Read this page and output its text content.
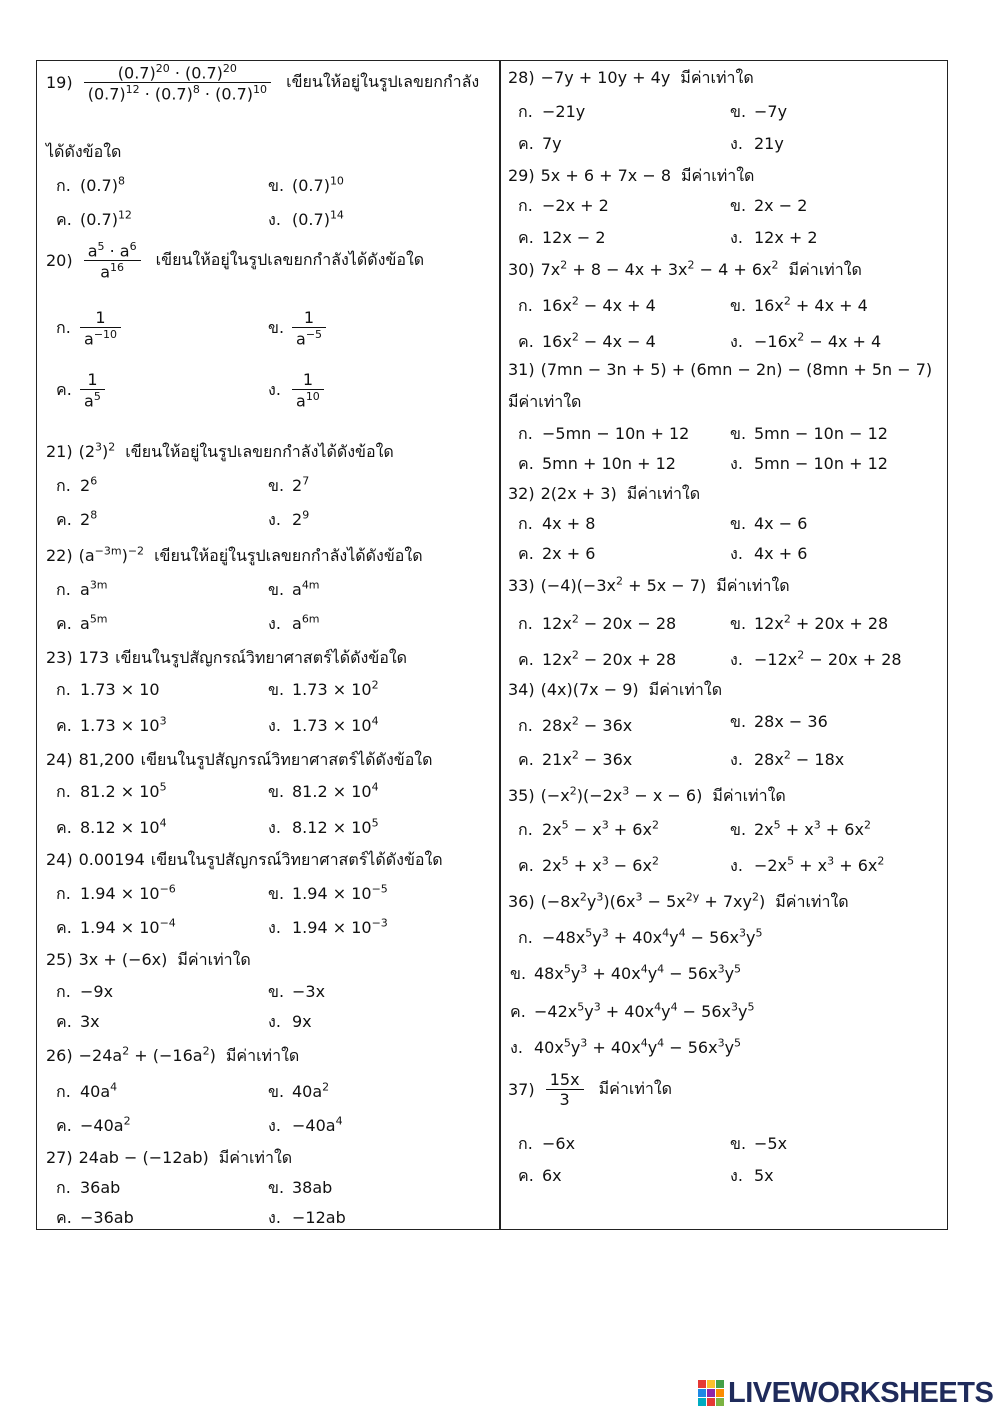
$19) \frac{(0.7)^{20} \cdot (0.7)^{20}}{(0.7)^{12} \cdot (0.7)^8 \cdot (0.7)^{10}}$ เขียนให้อยู่ในรูปเลขยกกำลัง
ได้ดังข้อใด
ก. $(0.7)^8$	ข. $(0.7)^{10}$
ค. $(0.7)^{12}$	ง. $(0.7)^{14}$
$20) \frac{a^5 \cdot a^6}{a^{16}}$ เขียนให้อยู่ในรูปเลขยกกำลังได้ดังข้อใด
ก. $\frac{1}{a^{-10}}$	ข. $\frac{1}{a^{-5}}$
ค. $\frac{1}{a^5}$	ง. $\frac{1}{a^{10}}$
21) $(2^3)^2$ เขียนให้อยู่ในรูปเลขยกกำลังได้ดังข้อใด
ก. $2^6$	ข. $2^7$
ค. $2^8$	ง. $2^9$
22) $(a^{-3m})^{-2}$ เขียนให้อยู่ในรูปเลขยกกำลังได้ดังข้อใด
ก. $a^{3m}$	ข. $a^{4m}$
ค. $a^{5m}$	ง. $a^{6m}$
23) 173 เขียนในรูปสัญกรณ์วิทยาศาสตร์ได้ดังข้อใด
ก. 1.73 × 10	ข. $1.73 \times 10^2$
ค. $1.73 \times 10^3$	ง. $1.73 \times 10^4$
24) 81,200 เขียนในรูปสัญกรณ์วิทยาศาสตร์ได้ดังข้อใด
ก. $81.2 \times 10^5$	ข. $81.2 \times 10^4$
ค. $8.12 \times 10^4$	ง. $8.12 \times 10^5$
24) 0.00194 เขียนในรูปสัญกรณ์วิทยาศาสตร์ได้ดังข้อใด
ก. $1.94 \times 10^{-6}$	ข. $1.94 \times 10^{-5}$
ค. $1.94 \times 10^{-4}$	ง. $1.94 \times 10^{-3}$
25) 3x + (−6x) มีค่าเท่าใด
ก. −9x	ข. −3x
ค. 3x	ง. 9x
$26) -24a^2 + (-16a^2)$ มีค่าเท่าใด
ก. $40a^4$	ข. $40a^2$
ค. $-40a^2$	ง. $-40a^4$
27) 24ab − (−12ab) มีค่าเท่าใด
ก. 36ab	ข. 38ab
ค. −36ab	ง. −12ab
28) −7y + 10y + 4y มีค่าเท่าใด
ก. −21y	ข. −7y
ค. 7y	ง. 21y
29) 5x + 6 + 7x − 8 มีค่าเท่าใด
ก. −2x + 2	ข. 2x − 2
ค. 12x − 2	ง. 12x + 2
30) $7x^2 + 8 - 4x + 3x^2 - 4 + 6x^2$ มีค่าเท่าใด
ก. $16x^2 - 4x + 4$	ข. $16x^2 + 4x + 4$
ค. $16x^2 - 4x - 4$	ง. $-16x^2 - 4x + 4$
31) (7mn − 3n + 5) + (6mn − 2n) − (8mn + 5n − 7)
มีค่าเท่าใด
ก. −5mn − 10n + 12	ข. 5mn − 10n − 12
ค. 5mn + 10n + 12	ง. 5mn − 10n + 12
32) 2(2x + 3) มีค่าเท่าใด
ก. 4x + 8	ข. 4x − 6
ค. 2x + 6	ง. 4x + 6
33) $(-4)(-3x^2 + 5x - 7)$ มีค่าเท่าใด
ก. $12x^2 - 20x - 28$	ข. $12x^2 + 20x + 28$
ค. $12x^2 - 20x + 28$	ง. $-12x^2 - 20x + 28$
34) (4x)(7x − 9) มีค่าเท่าใด
ก. $28x^2 - 36x$	ข. 28x − 36
ค. $21x^2 - 36x$	ง. $28x^2 - 18x$
35) $(-x^2)(-2x^3 - x - 6)$ มีค่าเท่าใด
ก. $2x^5 - x^3 + 6x^2$	ข. $2x^5 + x^3 + 6x^2$
ค. $2x^5 + x^3 - 6x^2$	ง. $-2x^5 + x^3 + 6x^2$
36) $(-8x^2y^3)(6x^3 - 5x^{2y} + 7xy^2)$ มีค่าเท่าใด
ก. $-48x^5y^3 + 40x^4y^4 - 56x^3y^5$
ข. $48x^5y^3 + 40x^4y^4 - 56x^3y^5$
ค. $-42x^5y^3 + 40x^4y^4 - 56x^3y^5$
ง. $40x^5y^3 + 40x^4y^4 - 56x^3y^5$
$37) \frac{15x}{3}$ มีค่าเท่าใด
ก. −6x	ข. −5x
ค. 6x	ง. 5x
LIVEWORKSHEETS
